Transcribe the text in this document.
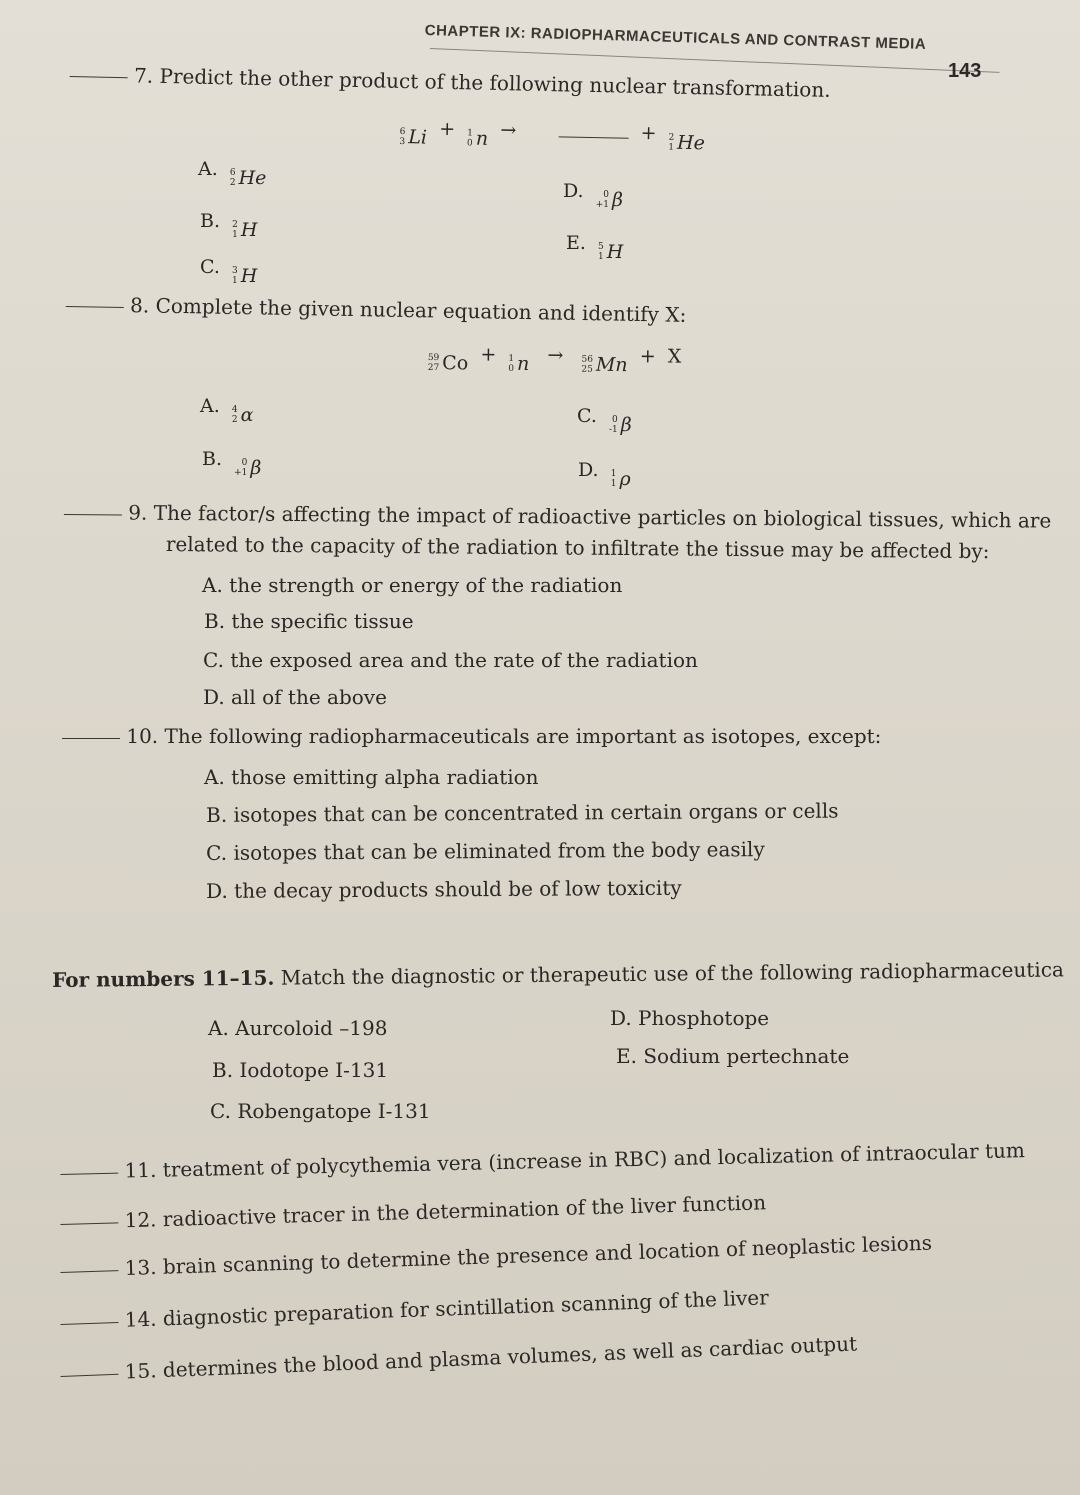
CHAPTER IX: RADIOPHARMACEUTICALS AND CONTRAST MEDIA
143
7. Predict the other product of the following nuclear transformation.
6
3 Li + 1
0 n →	+ 2
1 He
A. 6
2 He
B. 2
1 H
C. 3
1 H
D.	0
+1 β
E. 5
1 H
8. Complete the given nuclear equation and identify X:
59
27 Co + 1
0 n → 56
25 Mn +  X
A. 4
2 α
B.	0
+1 β
C.	0
-1 β
D. 1
1 ρ
9. The factor/s affecting the impact of radioactive particles on biological tissues, which are
related to the capacity of the radiation to infiltrate the tissue may be affected by:
A. the strength or energy of the radiation
B. the specific tissue
C. the exposed area and the rate of the radiation
D. all of the above
10. The following radiopharmaceuticals are important as isotopes, except:
A. those emitting alpha radiation
B. isotopes that can be concentrated in certain organs or cells
C. isotopes that can be eliminated from the body easily
D. the decay products should be of low toxicity
For numbers 11–15. Match the diagnostic or therapeutic use of the following radiopharmaceutica
A. Aurcoloid –198
B. Iodotope I-131
C. Robengatope I-131
D. Phosphotope
E. Sodium pertechnate
11. treatment of polycythemia vera (increase in RBC) and localization of intraocular tum
12. radioactive tracer in the determination of the liver function
13. brain scanning to determine the presence and location of neoplastic lesions
14. diagnostic preparation for scintillation scanning of the liver
15. determines the blood and plasma volumes, as well as cardiac output
